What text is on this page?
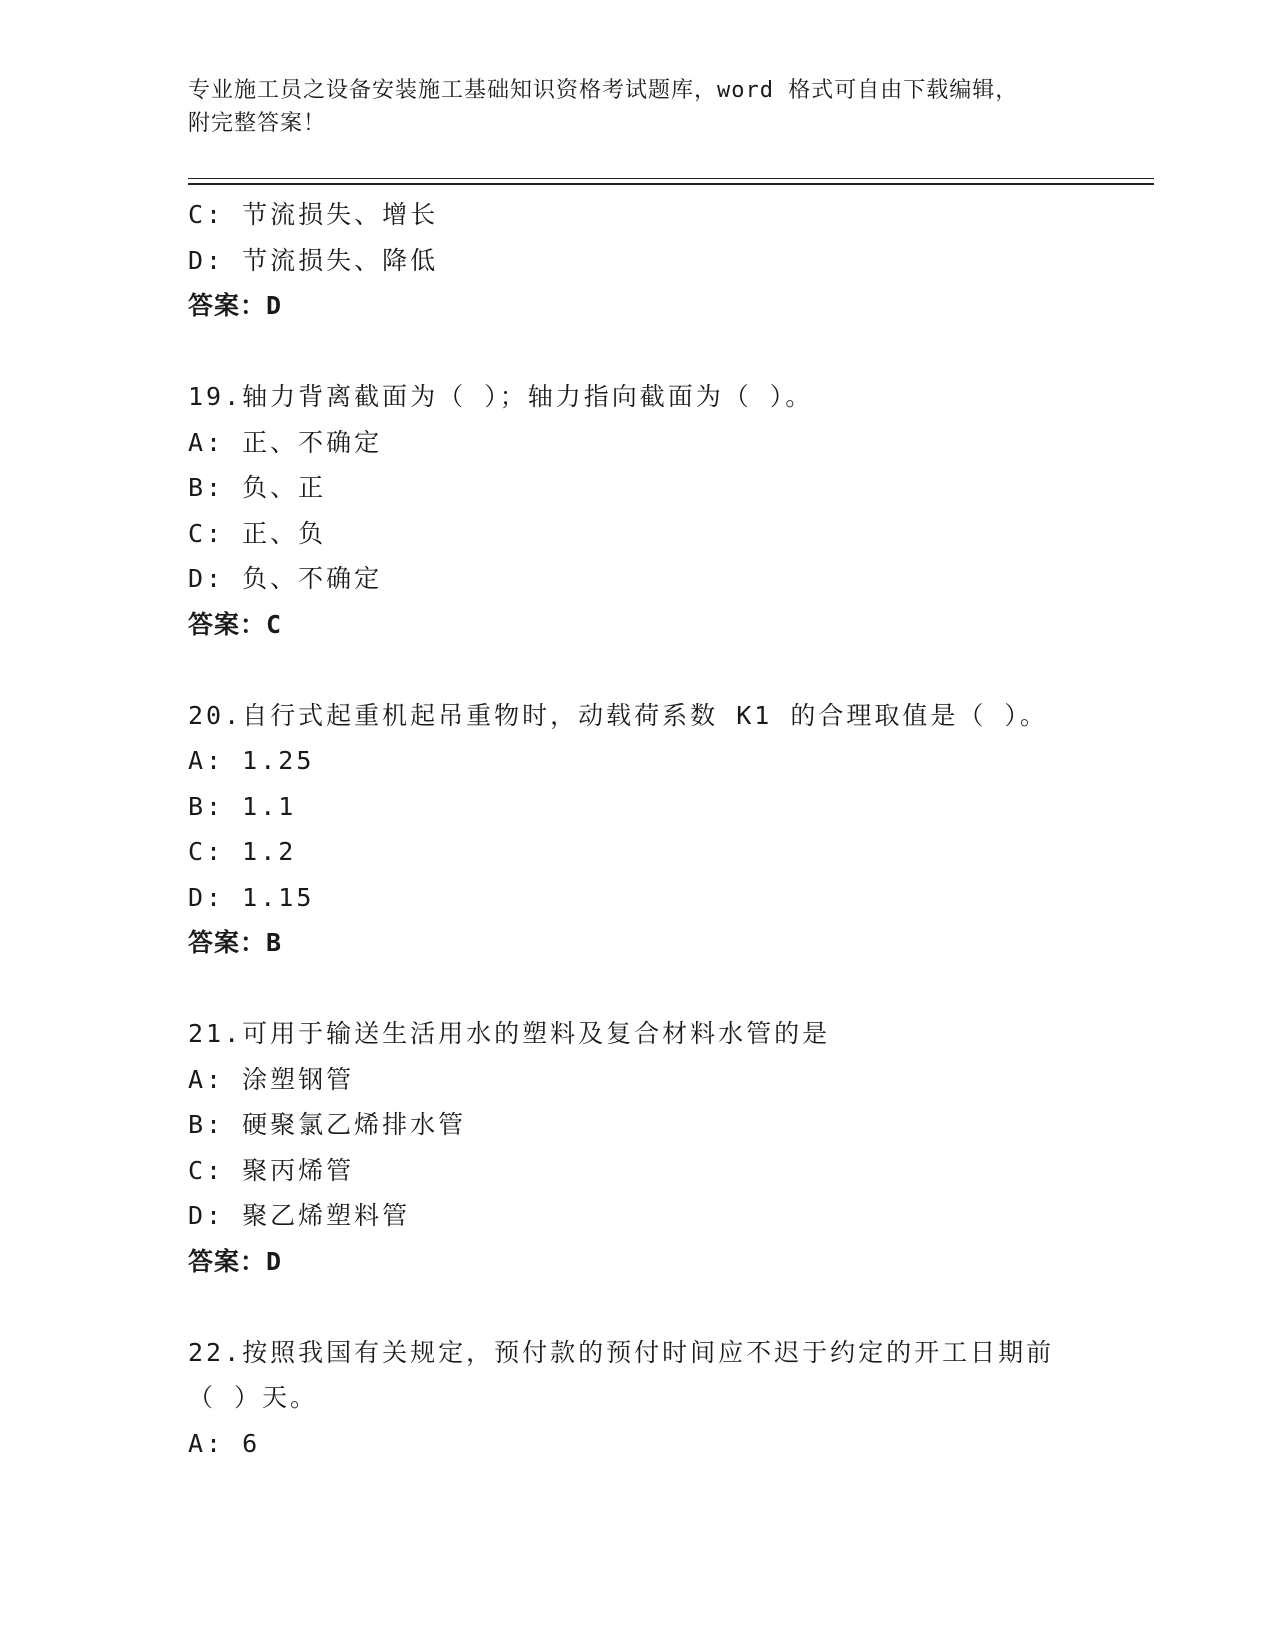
专业施工员之设备安装施工基础知识资格考试题库，word 格式可自由下载编辑，
附完整答案！
C: 节流损失、增长
D: 节流损失、降低
答案：D
19.轴力背离截面为（ ）；轴力指向截面为（ ）。
A: 正、不确定
B: 负、正
C: 正、负
D: 负、不确定
答案：C
20.自行式起重机起吊重物时，动载荷系数 K1 的合理取值是（ ）。
A: 1.25
B: 1.1
C: 1.2
D: 1.15
答案：B
21.可用于输送生活用水的塑料及复合材料水管的是
A: 涂塑钢管
B: 硬聚氯乙烯排水管
C: 聚丙烯管
D: 聚乙烯塑料管
答案：D
22.按照我国有关规定，预付款的预付时间应不迟于约定的开工日期前
（ ）天。
A: 6
